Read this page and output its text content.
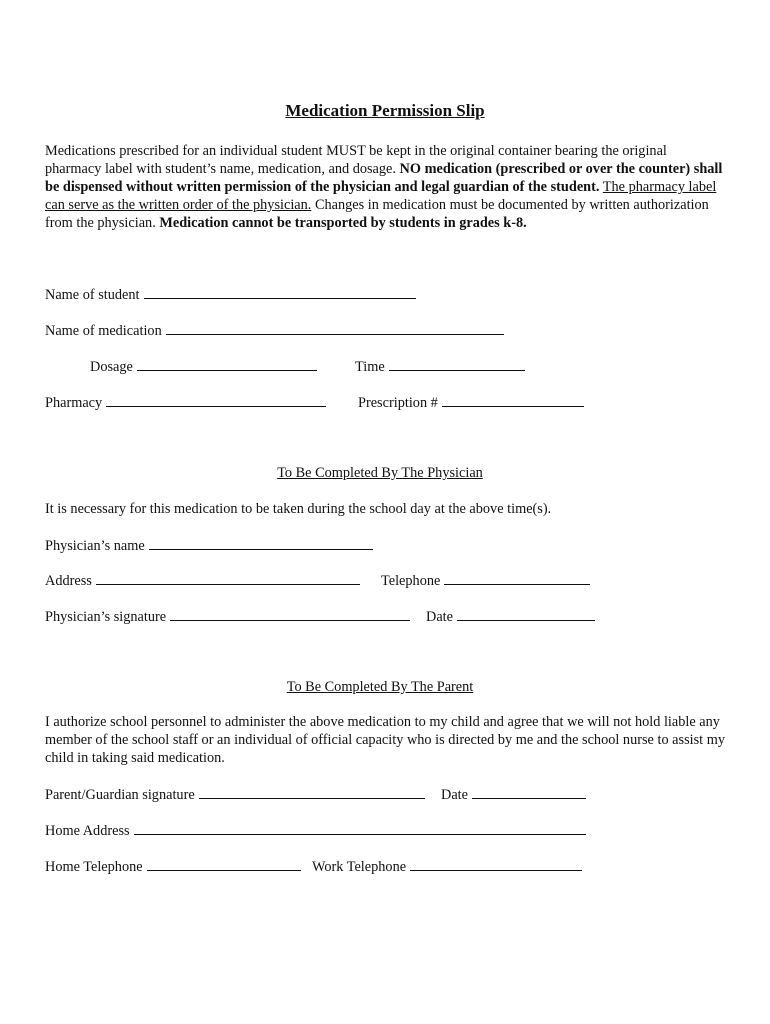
Medication Permission Slip
Medications prescribed for an individual student MUST be kept in the original container bearing the original pharmacy label with student’s name, medication, and dosage. NO medication (prescribed or over the counter) shall be dispensed without written permission of the physician and legal guardian of the student. The pharmacy label can serve as the written order of the physician. Changes in medication must be documented by written authorization from the physician. Medication cannot be transported by students in grades k-8.
Name of student
Name of medication
Dosage	Time
Pharmacy	Prescription #
To Be Completed By The Physician
It is necessary for this medication to be taken during the school day at the above time(s).
Physician’s name
Address	Telephone
Physician’s signature	Date
To Be Completed By The Parent
I authorize school personnel to administer the above medication to my child and agree that we will not hold liable any member of the school staff or an individual of official capacity who is directed by me and the school nurse to assist my child in taking said medication.
Parent/Guardian signature	Date
Home Address
Home Telephone	Work Telephone
